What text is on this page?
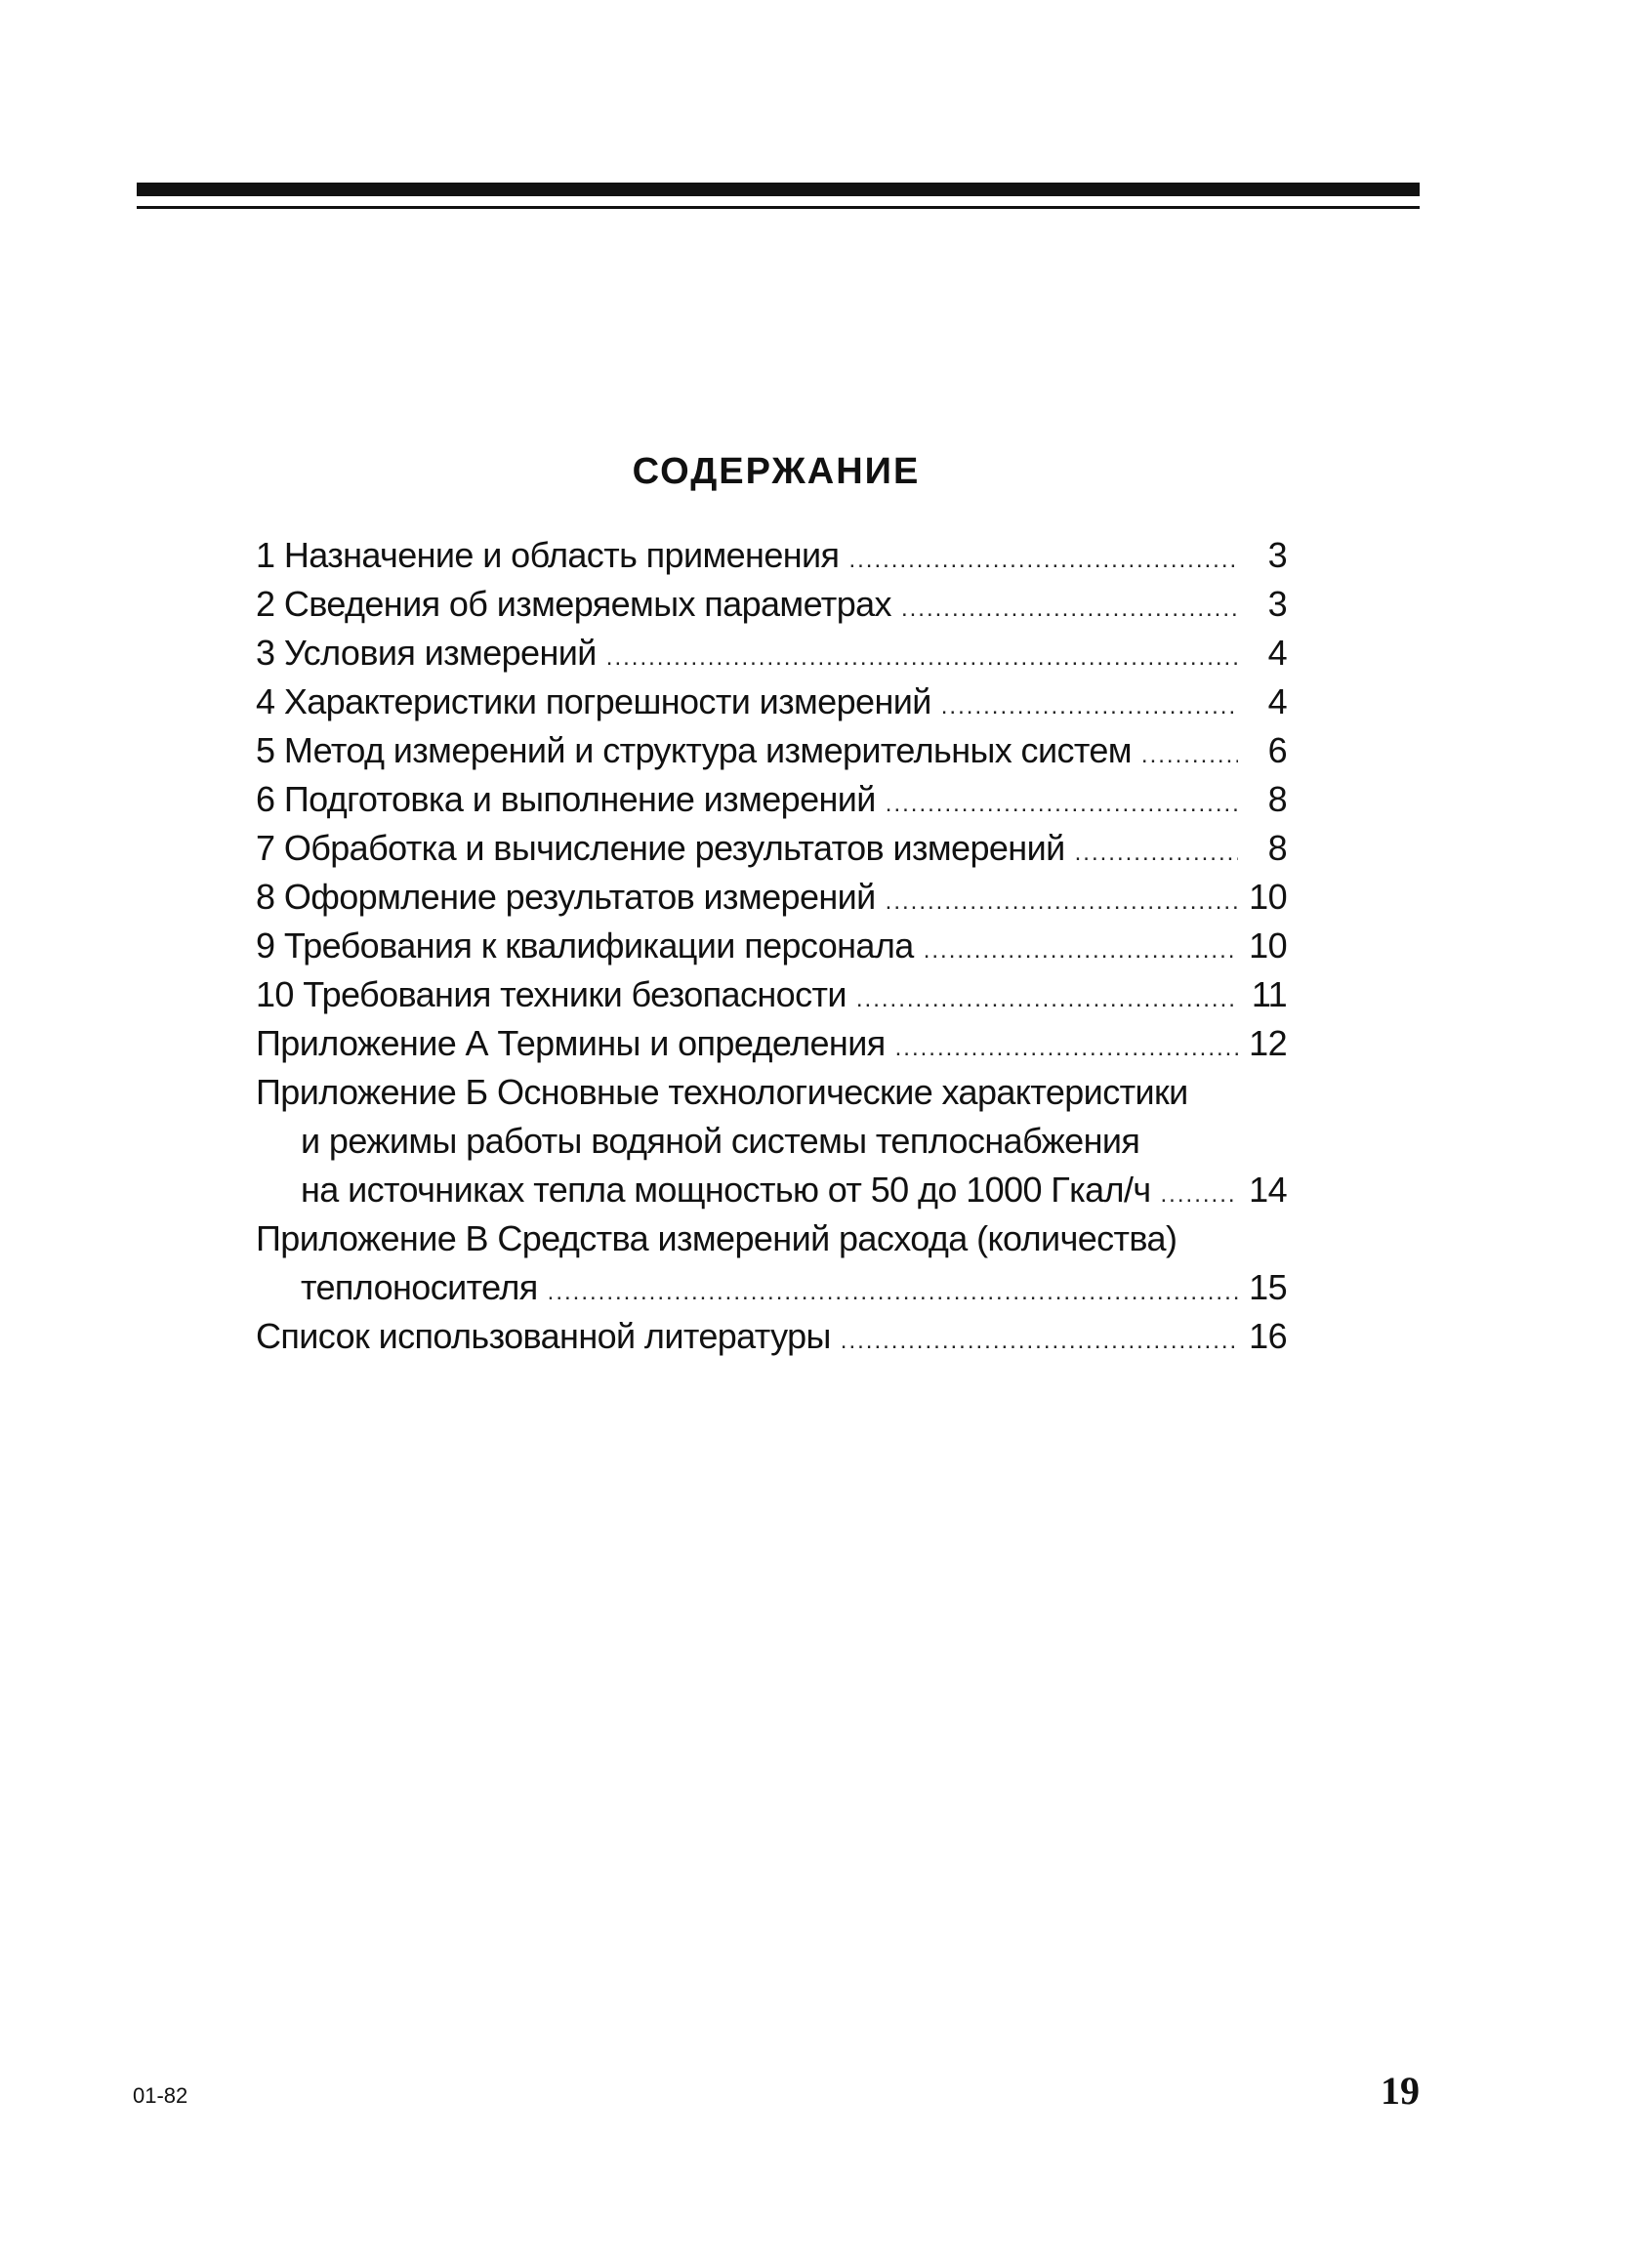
СОДЕРЖАНИЕ
1 Назначение и область применения .....	3
2 Сведения об измеряемых параметрах .....	3
3 Условия измерений .....	4
4 Характеристики погрешности измерений .....	4
5 Метод измерений и структура измерительных систем .....	6
6 Подготовка и выполнение измерений .....	8
7 Обработка и вычисление результатов измерений .....	8
8 Оформление результатов измерений .....	10
9 Требования к квалификации персонала .....	10
10 Требования техники безопасности .....	11
Приложение А Термины и определения .....	12
Приложение Б Основные технологические характеристики
и режимы работы водяной системы теплоснабжения
на источниках тепла мощностью от 50 до 1000 Гкал/ч .....	14
Приложение В Средства измерений расхода (количества)
теплоносителя .....	15
Список использованной литературы .....	16
01-82	19
